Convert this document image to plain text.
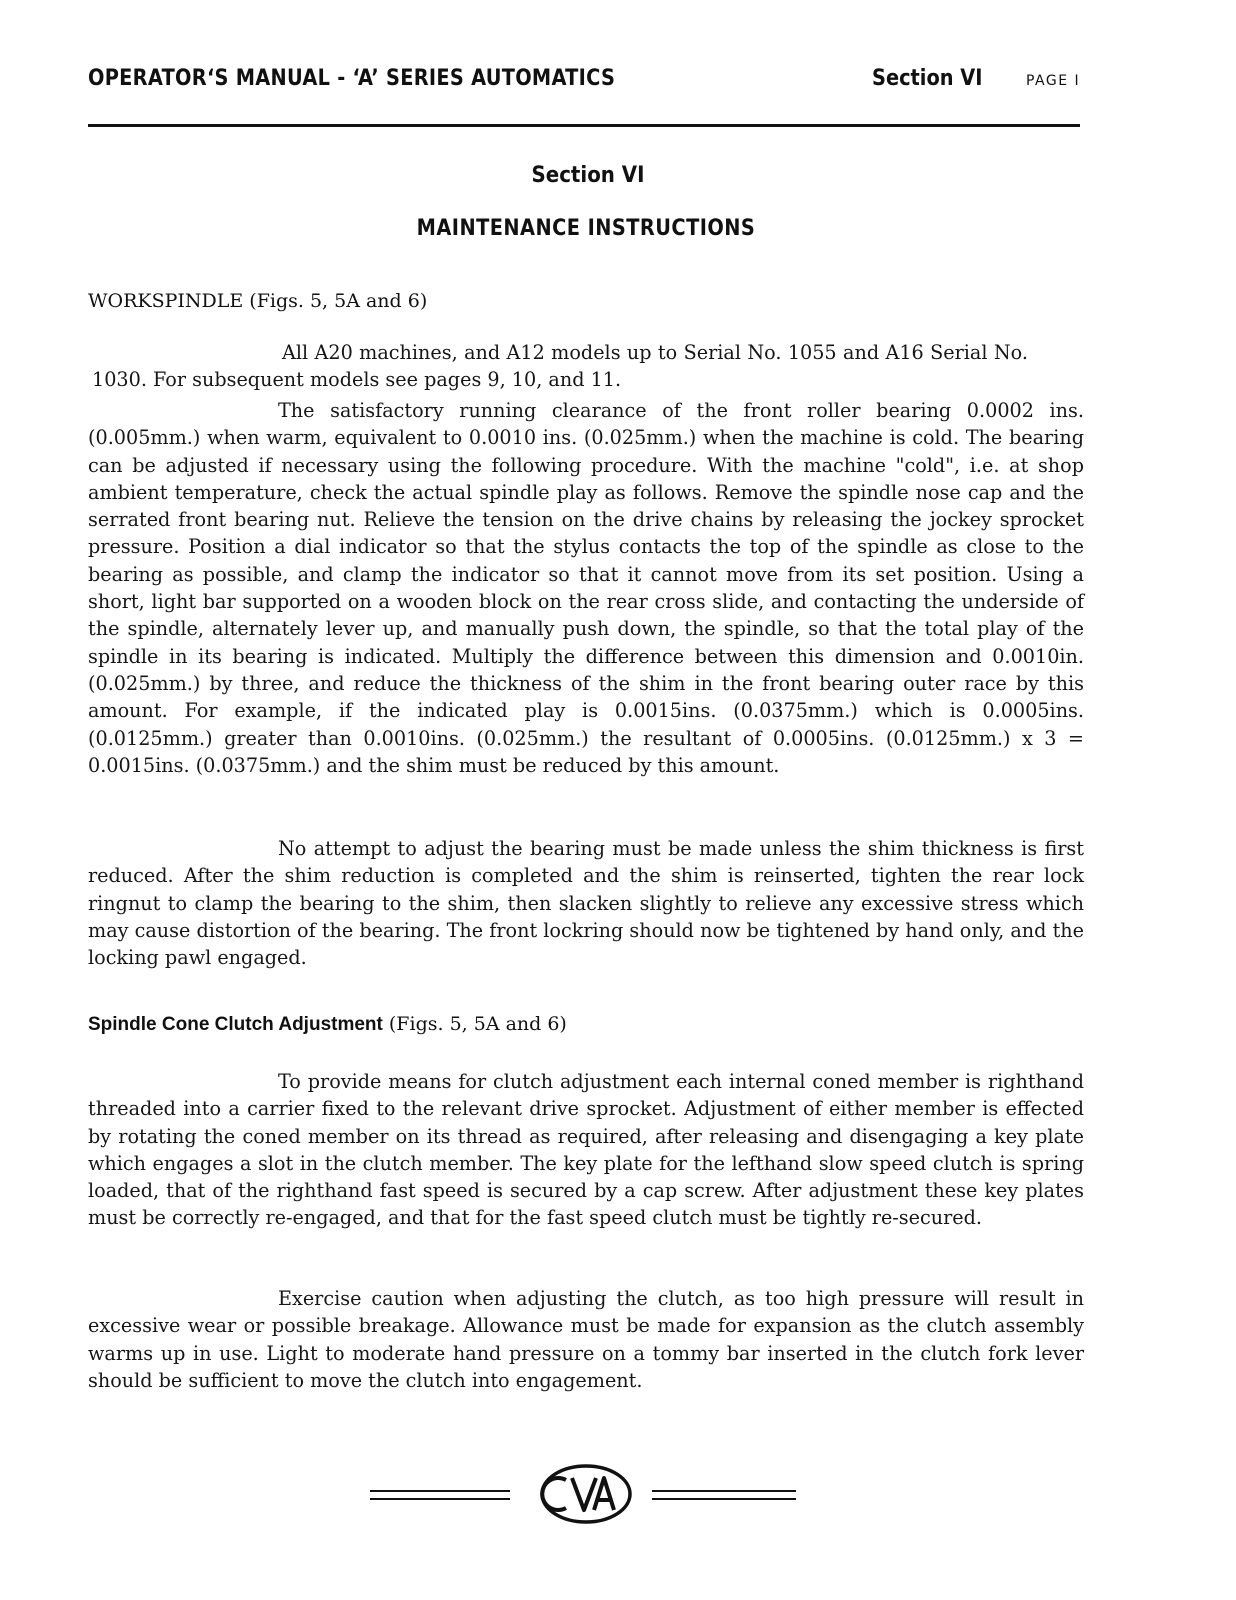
OPERATOR‘S MANUAL - ‘A’ SERIES AUTOMATICS	Section VI	PAGE I
Section VI
MAINTENANCE INSTRUCTIONS
WORKSPINDLE (Figs. 5, 5A and 6)

All A20 machines, and A12 models up to Serial No. 1055 and A16 Serial No. 1030. For subsequent models see pages 9, 10, and 11.

The satisfactory running clearance of the front roller bearing 0.0002 ins. (0.005mm.) when warm, equivalent to 0.0010 ins. (0.025mm.) when the machine is cold. The bearing can be adjusted if necessary using the following procedure. With the machine "cold", i.e. at shop ambient temperature, check the actual spindle play as follows. Remove the spindle nose cap and the serrated front bearing nut. Relieve the tension on the drive chains by releasing the jockey sprocket pressure. Position a dial indicator so that the stylus contacts the top of the spindle as close to the bearing as possible, and clamp the indicator so that it cannot move from its set position. Using a short, light bar supported on a wooden block on the rear cross slide, and contacting the underside of the spindle, alternately lever up, and manually push down, the spindle, so that the total play of the spindle in its bearing is indicated. Multiply the difference between this dimension and 0.0010in. (0.025mm.) by three, and reduce the thickness of the shim in the front bearing outer race by this amount. For example, if the indicated play is 0.0015ins. (0.0375mm.) which is 0.0005ins. (0.0125mm.) greater than 0.0010ins. (0.025mm.) the resultant of 0.0005ins. (0.0125mm.) x 3 = 0.0015ins. (0.0375mm.) and the shim must be reduced by this amount.

No attempt to adjust the bearing must be made unless the shim thickness is first reduced. After the shim reduction is completed and the shim is reinserted, tighten the rear lock ringnut to clamp the bearing to the shim, then slacken slightly to relieve any excessive stress which may cause distortion of the bearing. The front lockring should now be tightened by hand only, and the locking pawl engaged.

Spindle Cone Clutch Adjustment (Figs. 5, 5A and 6)

To provide means for clutch adjustment each internal coned member is righthand threaded into a carrier fixed to the relevant drive sprocket. Adjustment of either member is effected by rotating the coned member on its thread as required, after releasing and disengaging a key plate which engages a slot in the clutch member. The key plate for the lefthand slow speed clutch is spring loaded, that of the righthand fast speed is secured by a cap screw. After adjustment these key plates must be correctly re-engaged, and that for the fast speed clutch must be tightly re-secured.

Exercise caution when adjusting the clutch, as too high pressure will result in excessive wear or possible breakage. Allowance must be made for expansion as the clutch assembly warms up in use. Light to moderate hand pressure on a tommy bar inserted in the clutch fork lever should be sufficient to move the clutch into engagement.
